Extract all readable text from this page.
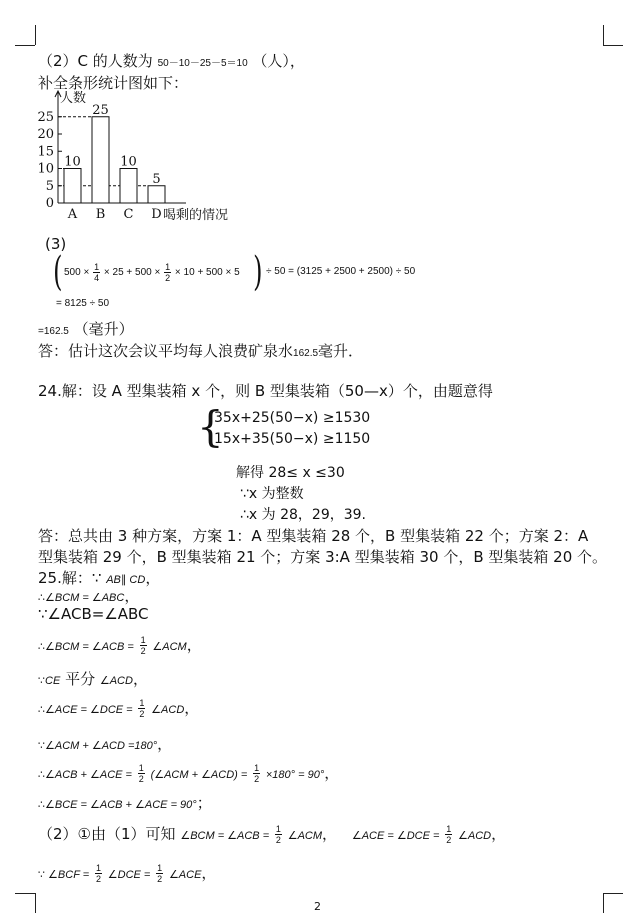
（2）C 的人数为 50－10－25－5＝10 （人），
补全条形统计图如下：
0
5
10
15
20
25
10
A
25
B
10
C
5
D
人数
喝剩的情况
(3)
( $500 \times \frac{1}{4} \times 25 + 500 \times \frac{1}{2} \times 10 + 500 \times 5$ ) ÷ 50 = (3125 + 2500 + 2500) ÷ 50
= 8125 ÷ 50
=162.5 （毫升）
答：估计这次会议平均每人浪费矿泉水162.5毫升．
24.解：设 A 型集装箱 x 个，则 B 型集装箱（50—x）个，由题意得
{
35x+25(50−x) ≥1530
15x+35(50−x) ≥1150
解得 28≤ x ≤30
∵x 为整数
∴x 为 28，29，39.
答：总共由 3 种方案，方案 1：A 型集装箱 28 个，B 型集装箱 22 个；方案 2：A
型集装箱 29 个，B 型集装箱 21 个；方案 3:A 型集装箱 30 个，B 型集装箱 20 个。
25.解：∵ AB∥ CD，
∴∠BCM = ∠ABC，
∵∠ACB=∠ABC
∴∠BCM = ∠ACB = $\frac{1}{2}$ ∠ACM，
∵CE 平分 ∠ACD，
∴∠ACE = ∠DCE = $\frac{1}{2}$ ∠ACD，
∵∠ACM + ∠ACD =180°，
∴∠ACB + ∠ACE = $\frac{1}{2}$ (∠ACM + ∠ACD) = $\frac{1}{2} \times 180^\circ = 90^\circ$，
∴∠BCE = ∠ACB + ∠ACE = 90°；
（2）①由（1）可知 ∠BCM = ∠ACB = $\frac{1}{2}$ ∠ACM， ∠ACE = ∠DCE = $\frac{1}{2}$ ∠ACD，
∵ ∠BCF = $\frac{1}{2}$ ∠DCE = $\frac{1}{2}$ ∠ACE，
2
